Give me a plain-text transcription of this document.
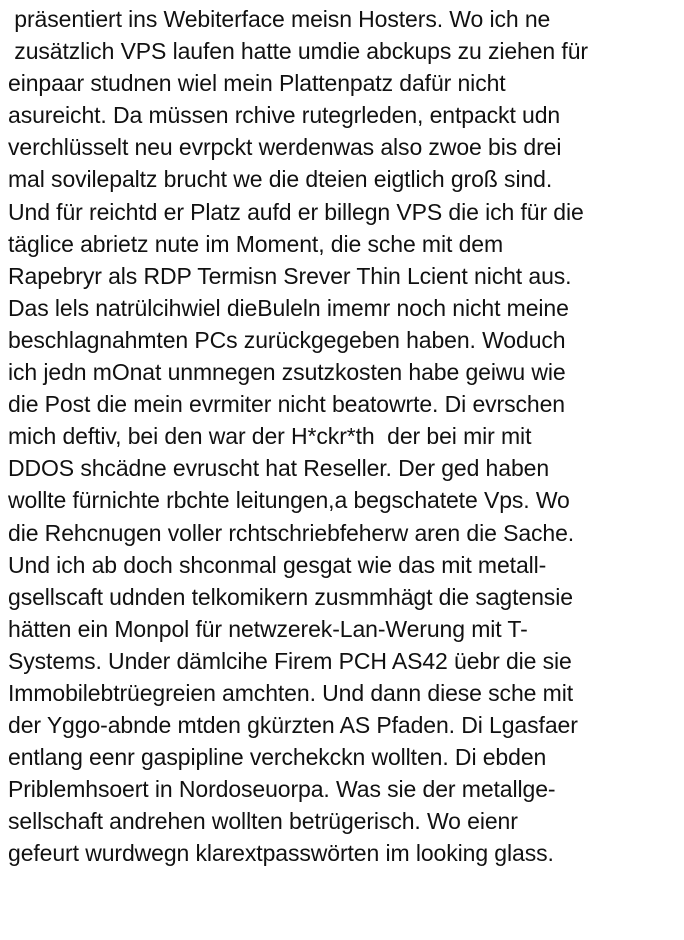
präsentiert ins Webiterface meisn Hosters. Wo ich ne
zusätzlich VPS laufen hatte umdie abckups zu ziehen für
einpaar studnen wiel mein Plattenpatz dafür nicht
asureicht. Da müssen rchive rutegrleden, entpackt udn
verchlüsselt neu evrpckt werdenwas also zwoe bis drei
mal sovilepaltz brucht we die dteien eigtlich groß sind.
Und für reichtd er Platz aufd er billegn VPS die ich für die
täglice abrietz nute im Moment, die sche mit dem
Rapebryr als RDP Termisn Srever Thin Lcient nicht aus.
Das lels natrülcihwiel dieBuleln imemr noch nicht meine
beschlagnahmten PCs zurückgegeben haben. Woduch
ich jedn mOnat unmnegen zsutzkosten habe geiwu wie
die Post die mein evrmiter nicht beatowrte. Di evrschen
mich deftiv, bei den war der H*ckr*th  der bei mir mit
DDOS shcädne evruscht hat Reseller. Der ged haben
wollte fürnichte rbchte leitungen,a begschatete Vps. Wo
die Rehcnugen voller rchtschriebfeherw aren die Sache.
Und ich ab doch shconmal gesgat wie das mit metall-
gsellscaft udnden telkomikern zusmmhägt die sagtensie
hätten ein Monpol für netwzerek-Lan-Werung mit T-
Systems. Under dämlcihe Firem PCH AS42 üebr die sie
Immobilebtrüegreien amchten. Und dann diese sche mit
der Yggo-abnde mtden gkürzten AS Pfaden. Di Lgasfaer
entlang eenr gaspipline verchekckn wollten. Di ebden
Priblemhsoert in Nordoseuorpa. Was sie der metallge-
sellschaft andrehen wollten betrügerisch. Wo eienr
gefeurt wurdwegn klarextpasswörten im looking glass.
